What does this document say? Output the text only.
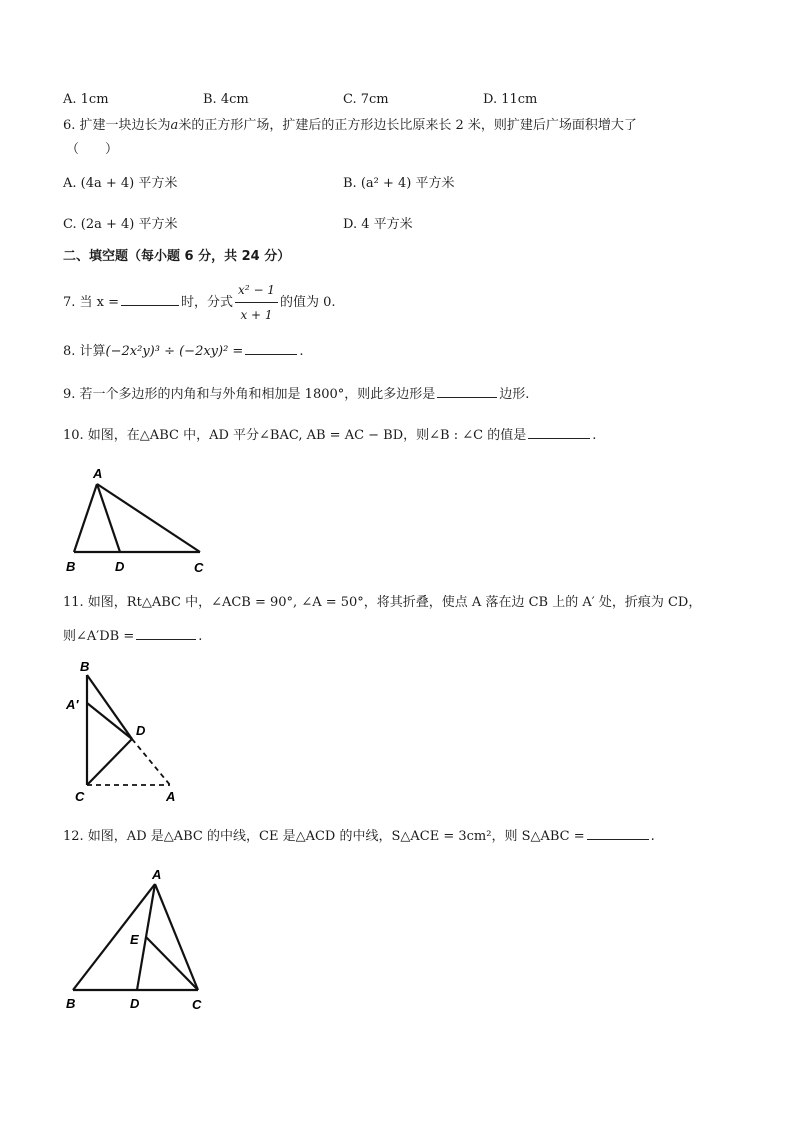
A. 1cm	B. 4cm	C. 7cm	D. 11cm
6. 扩建一块边长为a米的正方形广场，扩建后的正方形边长比原来长 2 米，则扩建后广场面积增大了
（　　）
A. (4a + 4) 平方米	B. (a² + 4) 平方米
C. (2a + 4) 平方米	D. 4 平方米
二、填空题（每小题 6 分，共 24 分）
7. 当 x =	时，分式 $\frac{\text{x² − 1}}{x + 1}$ 的值为 0.
8. 计算(−2x²y)³ ÷ (−2xy)² =	.
9. 若一个多边形的内角和与外角和相加是 1800°，则此多边形是	边形.
10. 如图，在△ABC 中，AD 平分∠BAC, AB = AC − BD，则∠B : ∠C 的值是	.
A
B	D	C
11. 如图，Rt△ABC 中，∠ACB = 90°, ∠A = 50°，将其折叠，使点 A 落在边 CB 上的 A′ 处，折痕为 CD，
则∠A′DB =	.
B
A′
D
C	A
12. 如图，AD 是△ABC 的中线，CE 是△ACD 的中线，S△ACE = 3cm²，则 S△ABC =	.
A
E
B	D	C
